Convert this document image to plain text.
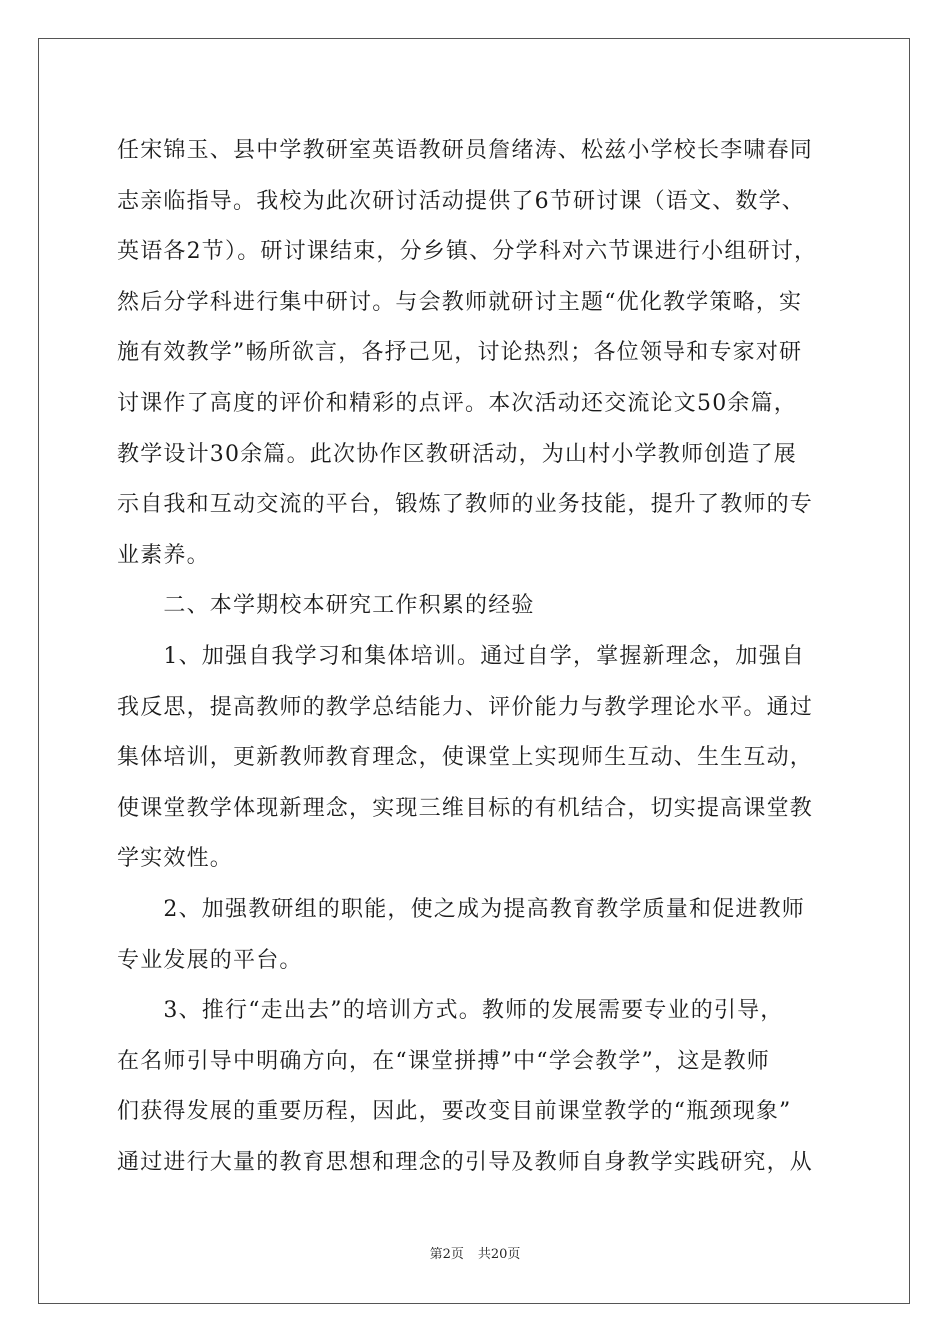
任宋锦玉、县中学教研室英语教研员詹绪涛、松兹小学校长李啸春同
志亲临指导。我校为此次研讨活动提供了6节研讨课（语文、数学、
英语各2节）。研讨课结束，分乡镇、分学科对六节课进行小组研讨，
然后分学科进行集中研讨。与会教师就研讨主题“优化教学策略，实
施有效教学”畅所欲言，各抒己见，讨论热烈；各位领导和专家对研
讨课作了高度的评价和精彩的点评。本次活动还交流论文50余篇，
教学设计30余篇。此次协作区教研活动，为山村小学教师创造了展
示自我和互动交流的平台，锻炼了教师的业务技能，提升了教师的专
业素养。
　　二、本学期校本研究工作积累的经验
　　1、加强自我学习和集体培训。通过自学，掌握新理念，加强自
我反思，提高教师的教学总结能力、评价能力与教学理论水平。通过
集体培训，更新教师教育理念，使课堂上实现师生互动、生生互动，
使课堂教学体现新理念，实现三维目标的有机结合，切实提高课堂教
学实效性。
　　2、加强教研组的职能，使之成为提高教育教学质量和促进教师
专业发展的平台。
　　3、推行“走出去”的培训方式。教师的发展需要专业的引导，
在名师引导中明确方向，在“课堂拼搏”中“学会教学”，这是教师
们获得发展的重要历程，因此，要改变目前课堂教学的“瓶颈现象”
通过进行大量的教育思想和理念的引导及教师自身教学实践研究，从
第2页 共20页
